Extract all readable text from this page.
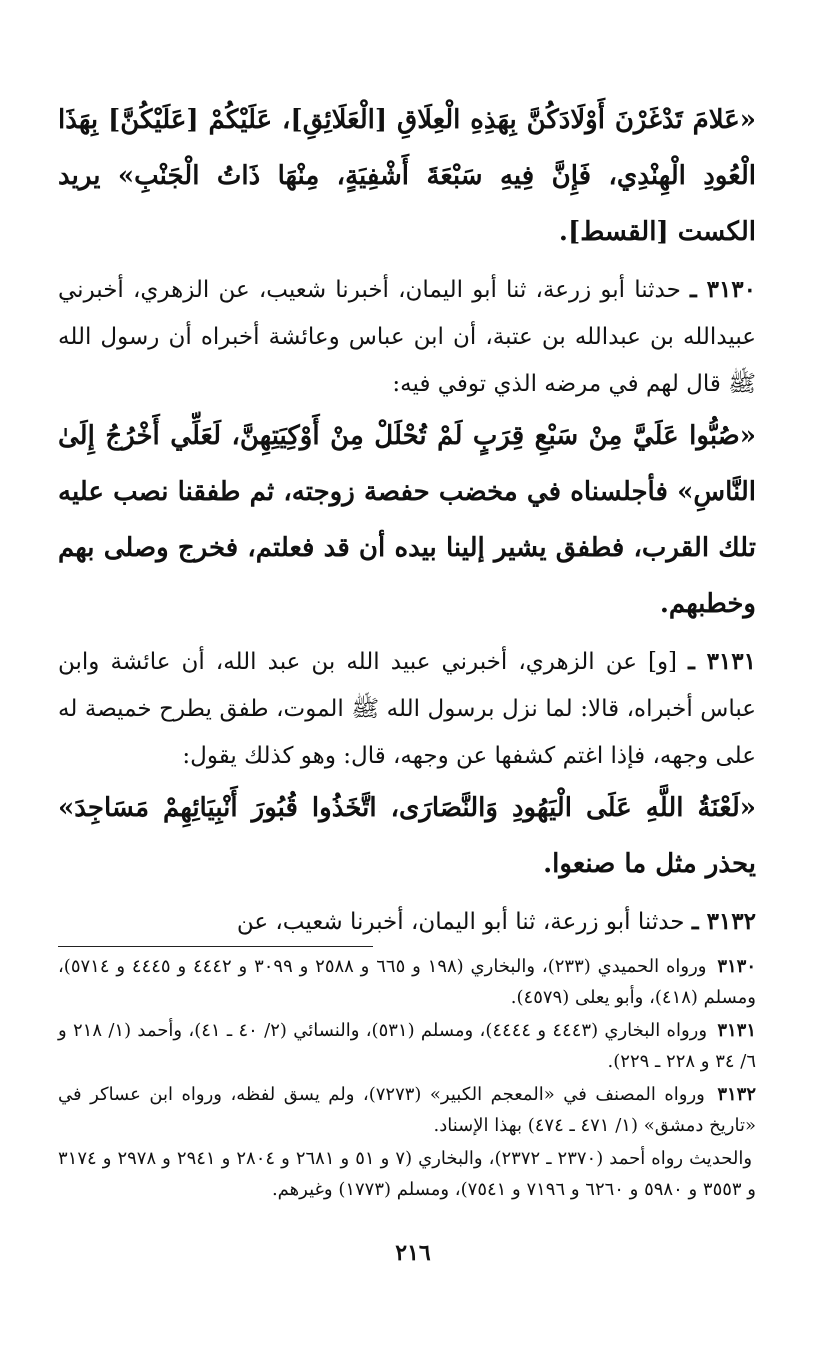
«عَلامَ تَدْغَرْنَ أَوْلَادَكُنَّ بِهَذِهِ الْعِلَاقِ [الْعَلَائِقِ]، عَلَيْكُمْ [عَلَيْكُنَّ] بِهَذَا الْعُودِ الْهِنْدِي، فَإِنَّ فِيهِ سَبْعَةَ أَشْفِيَةٍ، مِنْهَا ذَاتُ الْجَنْبِ» يريد الكست [القسط].

٣١٣٠ ـ حدثنا أبو زرعة، ثنا أبو اليمان، أخبرنا شعيب، عن الزهري، أخبرني عبيدالله بن عبدالله بن عتبة، أن ابن عباس وعائشة أخبراه أن رسول الله ﷺ قال لهم في مرضه الذي توفي فيه:

«صُبُّوا عَلَيَّ مِنْ سَبْعِ قِرَبٍ لَمْ تُحْلَلْ مِنْ أَوْكِيَتِهِنَّ، لَعَلِّي أَخْرُجُ إِلَىٰ النَّاسِ» فأجلسناه في مخضب حفصة زوجته، ثم طفقنا نصب عليه تلك القرب، فطفق يشير إلينا بيده أن قد فعلتم، فخرج وصلى بهم وخطبهم.

٣١٣١ ـ [و] عن الزهري، أخبرني عبيد الله بن عبد الله، أن عائشة وابن عباس أخبراه، قالا: لما نزل برسول الله ﷺ الموت، طفق يطرح خميصة له على وجهه، فإذا اغتم كشفها عن وجهه، قال: وهو كذلك يقول:

«لَعْنَةُ اللَّهِ عَلَى الْيَهُودِ وَالنَّصَارَى، اتَّخَذُوا قُبُورَ أَنْبِيَائِهِمْ مَسَاجِدَ» يحذر مثل ما صنعوا.

٣١٣٢ ـ حدثنا أبو زرعة، ثنا أبو اليمان، أخبرنا شعيب، عن

٣١٣٠ ورواه الحميدي (٢٣٣)، والبخاري (١٩٨ و ٦٦٥ و ٢٥٨٨ و ٣٠٩٩ و ٤٤٤٢ و ٤٤٤٥ و ٥٧١٤)، ومسلم (٤١٨)، وأبو يعلى (٤٥٧٩).

٣١٣١ ورواه البخاري (٤٤٤٣ و ٤٤٤٤)، ومسلم (٥٣١)، والنسائي (٢/ ٤٠ ـ ٤١)، وأحمد (١/ ٢١٨ و ٦/ ٣٤ و ٢٢٨ ـ ٢٢٩).

٣١٣٢ ورواه المصنف في «المعجم الكبير» (٧٢٧٣)، ولم يسق لفظه، ورواه ابن عساكر في «تاريخ دمشق» (١/ ٤٧١ ـ ٤٧٤) بهذا الإسناد.

والحديث رواه أحمد (٢٣٧٠ ـ ٢٣٧٢)، والبخاري (٧ و ٥١ و ٢٦٨١ و ٢٨٠٤ و ٢٩٤١ و ٢٩٧٨ و ٣١٧٤ و ٣٥٥٣ و ٥٩٨٠ و ٦٢٦٠ و ٧١٩٦ و ٧٥٤١)، ومسلم (١٧٧٣) وغيرهم.

٢١٦
